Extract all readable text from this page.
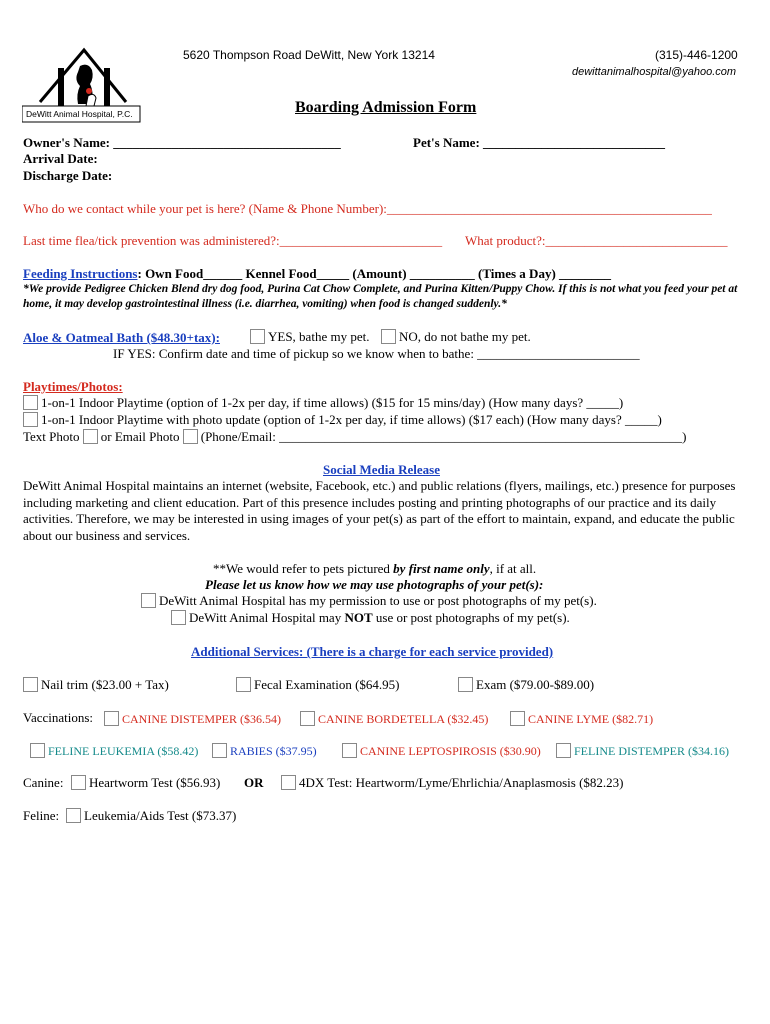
DeWitt Animal Hospital, P.C.
5620 Thompson Road DeWitt, New York 13214	(315)-446-1200
dewittanimalhospital@yahoo.com
Boarding Admission Form
Owner's Name: ___________________________________	Pet's Name: ____________________________
Arrival Date:
Discharge Date:
Who do we contact while your pet is here? (Name & Phone Number):__________________________________________________
Last time flea/tick prevention was administered?:_________________________ What product?:____________________________
Feeding Instructions: Own Food______ Kennel Food_____ (Amount) __________ (Times a Day) ________
*We provide Pedigree Chicken Blend dry dog food, Purina Cat Chow Complete, and Purina Kitten/Puppy Chow. If this is not what you feed your pet at home, it may develop gastrointestinal illness (i.e. diarrhea, vomiting) when food is changed suddenly.*
Aloe & Oatmeal Bath ($48.30+tax):	YES, bathe my pet.	NO, do not bathe my pet.
IF YES: Confirm date and time of pickup so we know when to bathe: _________________________
Playtimes/Photos:
1-on-1 Indoor Playtime (option of 1-2x per day, if time allows) ($15 for 15 mins/day) (How many days? _____)
1-on-1 Indoor Playtime with photo update (option of 1-2x per day, if time allows) ($17 each) (How many days? _____)
Text Photo or Email Photo (Phone/Email: ______________________________________________________________)
Social Media Release
DeWitt Animal Hospital maintains an internet (website, Facebook, etc.) and public relations (flyers, mailings, etc.) presence for purposes including marketing and client education. Part of this presence includes posting and printing photographs of our practice and its daily activities. Therefore, we may be interested in using images of your pet(s) as part of the effort to maintain, expand, and educate the public about our business and services.
**We would refer to pets pictured by first name only, if at all.
Please let us know how we may use photographs of your pet(s):
DeWitt Animal Hospital has my permission to use or post photographs of my pet(s).
DeWitt Animal Hospital may NOT use or post photographs of my pet(s).
Additional Services: (There is a charge for each service provided)
Nail trim ($23.00 + Tax)	Fecal Examination ($64.95)	Exam ($79.00-$89.00)
Vaccinations:	CANINE DISTEMPER ($36.54)	CANINE BORDETELLA ($32.45)	CANINE LYME ($82.71)
FELINE LEUKEMIA ($58.42)	RABIES ($37.95)	CANINE LEPTOSPIROSIS ($30.90)	FELINE DISTEMPER ($34.16)
Canine:	Heartworm Test ($56.93) OR	4DX Test: Heartworm/Lyme/Ehrlichia/Anaplasmosis ($82.23)
Feline:	Leukemia/Aids Test ($73.37)
